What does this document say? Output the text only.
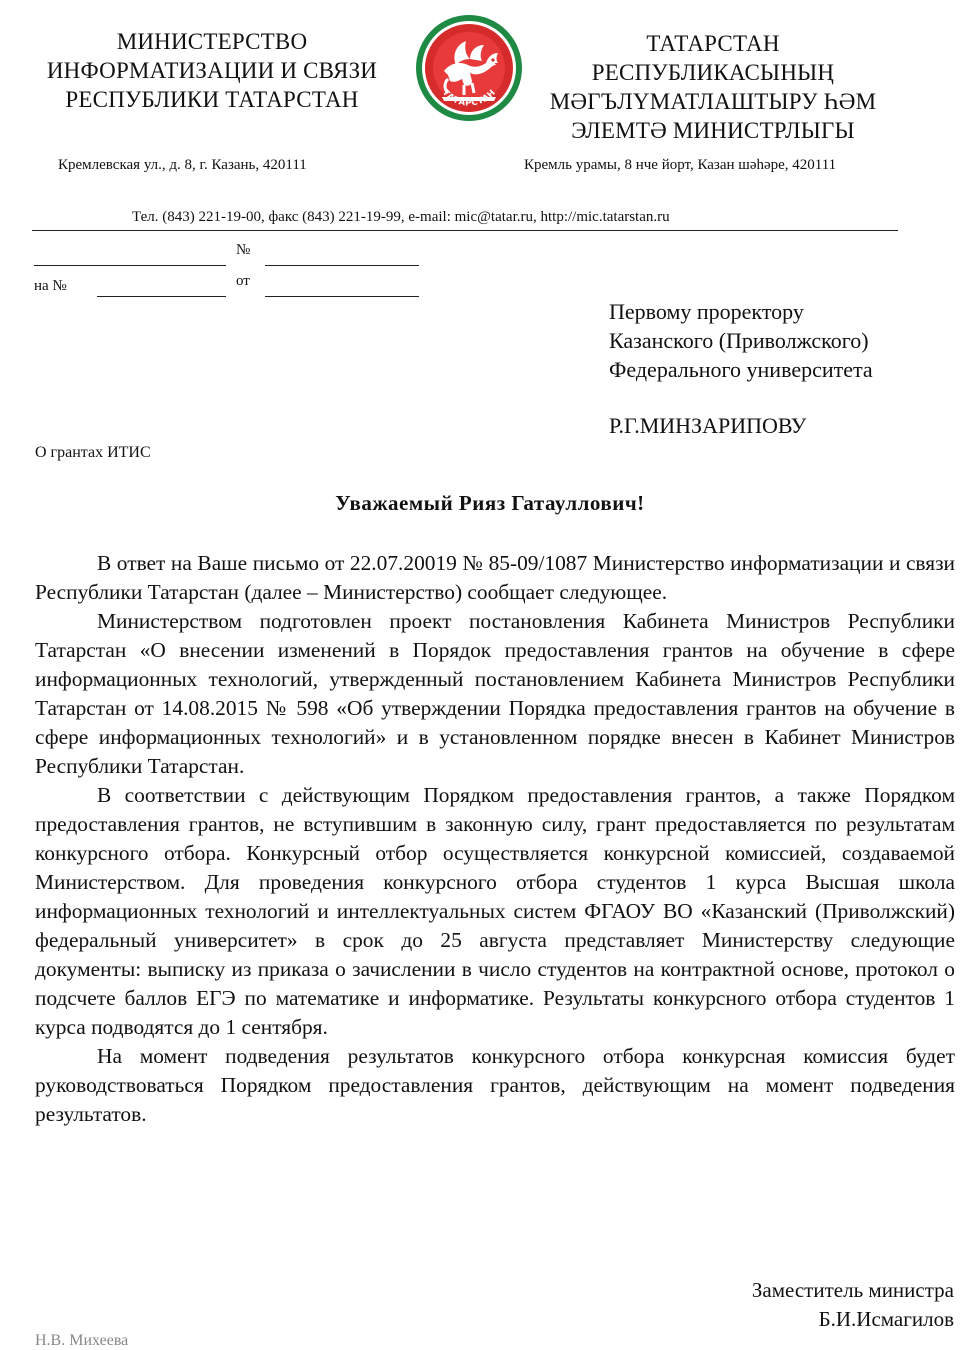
МИНИСТЕРСТВО
ИНФОРМАТИЗАЦИИ И СВЯЗИ
РЕСПУБЛИКИ ТАТАРСТАН	ТАТАРСТАН
ТАТАРСТАН
РЕСПУБЛИКАСЫНЫҢ
МӘГЪЛҮМАТЛАШТЫРУ ҺӘМ
ЭЛЕМТӘ МИНИСТРЛЫГЫ
Кремлевская ул., д. 8, г. Казань, 420111	Кремль урамы, 8 нче йорт, Казан шәһәре, 420111
Тел. (843) 221-19-00, факс (843) 221-19-99, e-mail: mic@tatar.ru, http://mic.tatarstan.ru
№
на №	от
Первому проректору
Казанского (Приволжского)
Федерального университета
Р.Г.МИНЗАРИПОВУ
О грантах ИТИС
Уважаемый Рияз Гатауллович!

В ответ на Ваше письмо от 22.07.20019 № 85-09/1087 Министерство информатизации и связи Республики Татарстан (далее – Министерство) сообщает следующее.

Министерством подготовлен проект постановления Кабинета Министров Республики Татарстан «О внесении изменений в Порядок предоставления грантов на обучение в сфере информационных технологий, утвержденный постановлением Кабинета Министров Республики Татарстан от 14.08.2015 № 598 «Об утверждении Порядка предоставления грантов на обучение в сфере информационных технологий» и в установленном порядке внесен в Кабинет Министров Республики Татарстан.

В соответствии с действующим Порядком предоставления грантов, а также Порядком предоставления грантов, не вступившим в законную силу, грант предоставляется по результатам конкурсного отбора. Конкурсный отбор осуществляется конкурсной комиссией, создаваемой Министерством. Для проведения конкурсного отбора студентов 1 курса Высшая школа информационных технологий и интеллектуальных систем ФГАОУ ВО «Казанский (Приволжский) федеральный университет» в срок до 25 августа представляет Министерству следующие документы: выписку из приказа о зачислении в число студентов на контрактной основе, протокол о подсчете баллов ЕГЭ по математике и информатике. Результаты конкурсного отбора студентов 1 курса подводятся до 1 сентября.

На момент подведения результатов конкурсного отбора конкурсная комиссия будет руководствоваться Порядком предоставления грантов, действующим на момент подведения результатов.

Заместитель министра
Б.И.Исмагилов
Н.В. Михеева
